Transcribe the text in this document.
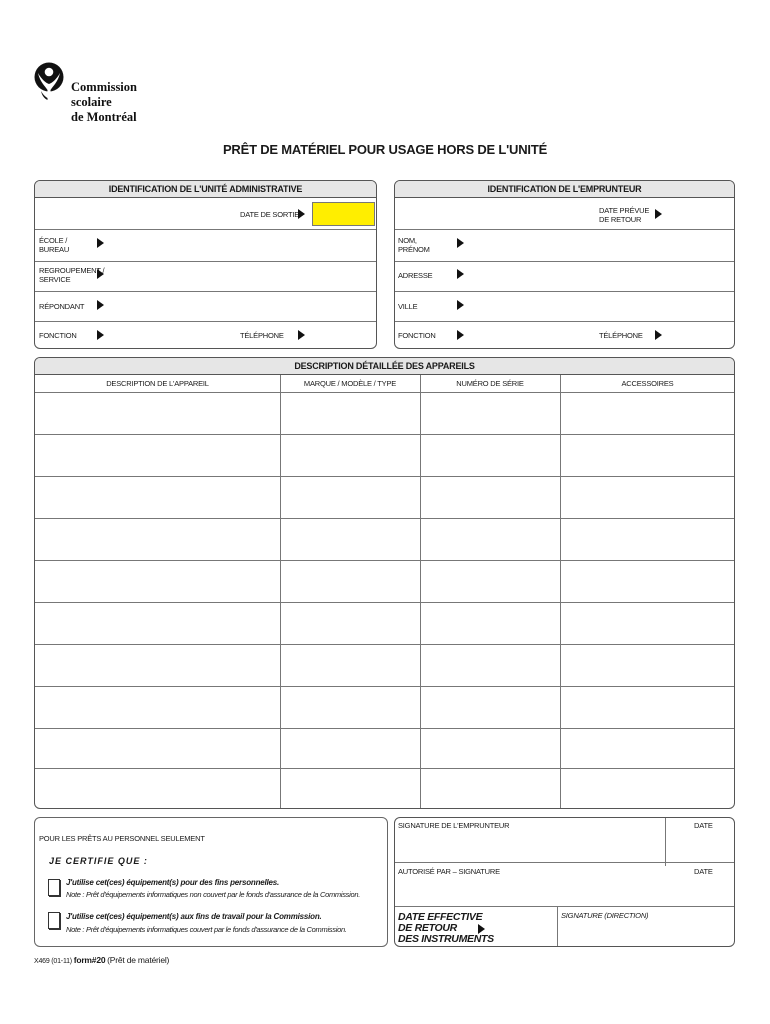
Commission
scolaire
de Montréal
PRÊT DE MATÉRIEL POUR USAGE HORS DE L'UNITÉ
IDENTIFICATION DE L'UNITÉ ADMINISTRATIVE
DATE DE SORTIE
ÉCOLE /
BUREAU
REGROUPEMENT /
SERVICE
RÉPONDANT
FONCTION	TÉLÉPHONE
IDENTIFICATION DE L'EMPRUNTEUR
DATE PRÉVUE
DE RETOUR
NOM,
PRÉNOM
ADRESSE
VILLE
FONCTION	TÉLÉPHONE
DESCRIPTION DÉTAILLÉE DES APPAREILS
DESCRIPTION DE L'APPAREIL	MARQUE / MODÈLE / TYPE	NUMÉRO DE SÉRIE	ACCESSOIRES
POUR LES PRÊTS AU PERSONNEL SEULEMENT
JE CERTIFIE QUE :
J'utilise cet(ces) équipement(s) pour des fins personnelles.
Note : Prêt d'équipements informatiques non couvert par le fonds d'assurance de la Commission.
J'utilise cet(ces) équipement(s) aux fins de travail pour la Commission.
Note : Prêt d'équipements informatiques couvert par le fonds d'assurance de la Commission.
SIGNATURE DE L'EMPRUNTEUR	DATE
AUTORISÉ PAR – SIGNATURE	DATE
DATE EFFECTIVE
DE RETOUR
DES INSTRUMENTS
SIGNATURE (DIRECTION)
X469 (01-11) form#20 (Prêt de matériel)
